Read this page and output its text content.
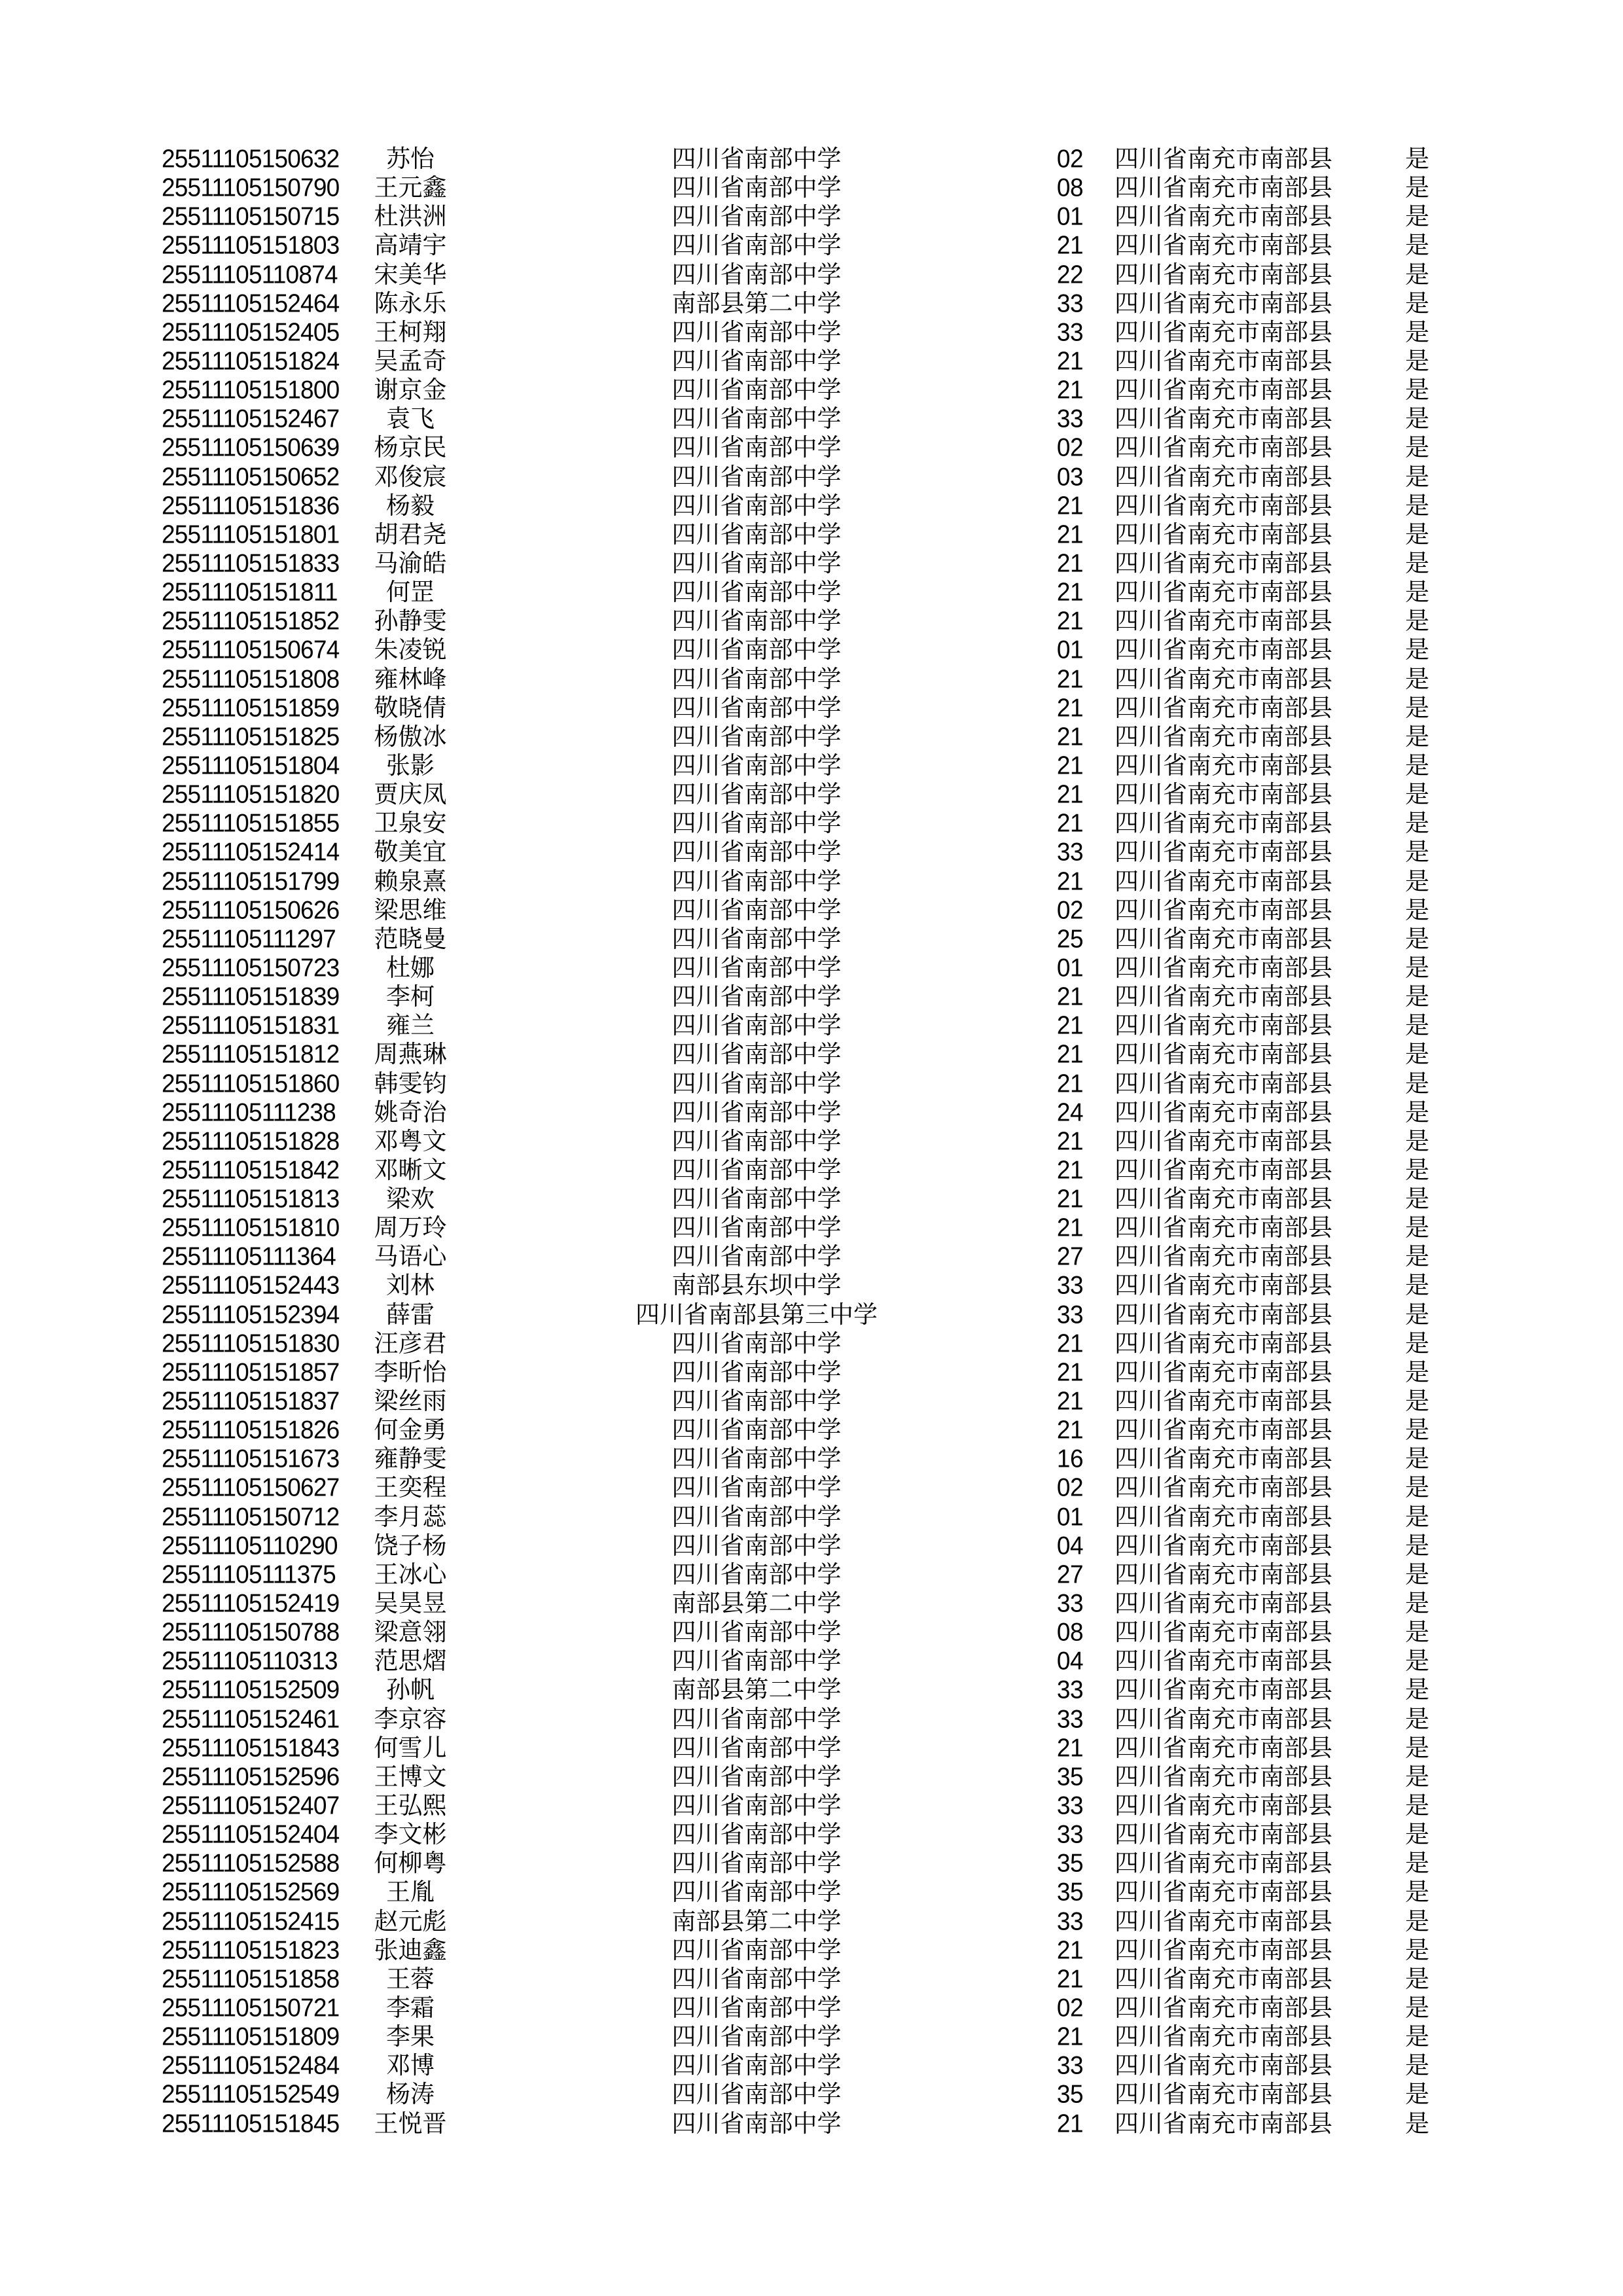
25511105150632	苏怡	四川省南部中学	02	四川省南充市南部县	是
25511105150790	王元鑫	四川省南部中学	08	四川省南充市南部县	是
25511105150715	杜洪洲	四川省南部中学	01	四川省南充市南部县	是
25511105151803	高靖宇	四川省南部中学	21	四川省南充市南部县	是
25511105110874	宋美华	四川省南部中学	22	四川省南充市南部县	是
25511105152464	陈永乐	南部县第二中学	33	四川省南充市南部县	是
25511105152405	王柯翔	四川省南部中学	33	四川省南充市南部县	是
25511105151824	吴孟奇	四川省南部中学	21	四川省南充市南部县	是
25511105151800	谢京金	四川省南部中学	21	四川省南充市南部县	是
25511105152467	袁飞	四川省南部中学	33	四川省南充市南部县	是
25511105150639	杨京民	四川省南部中学	02	四川省南充市南部县	是
25511105150652	邓俊宸	四川省南部中学	03	四川省南充市南部县	是
25511105151836	杨毅	四川省南部中学	21	四川省南充市南部县	是
25511105151801	胡君尧	四川省南部中学	21	四川省南充市南部县	是
25511105151833	马渝皓	四川省南部中学	21	四川省南充市南部县	是
25511105151811	何罡	四川省南部中学	21	四川省南充市南部县	是
25511105151852	孙静雯	四川省南部中学	21	四川省南充市南部县	是
25511105150674	朱凌锐	四川省南部中学	01	四川省南充市南部县	是
25511105151808	雍林峰	四川省南部中学	21	四川省南充市南部县	是
25511105151859	敬晓倩	四川省南部中学	21	四川省南充市南部县	是
25511105151825	杨傲冰	四川省南部中学	21	四川省南充市南部县	是
25511105151804	张影	四川省南部中学	21	四川省南充市南部县	是
25511105151820	贾庆凤	四川省南部中学	21	四川省南充市南部县	是
25511105151855	卫泉安	四川省南部中学	21	四川省南充市南部县	是
25511105152414	敬美宜	四川省南部中学	33	四川省南充市南部县	是
25511105151799	赖泉熹	四川省南部中学	21	四川省南充市南部县	是
25511105150626	梁思维	四川省南部中学	02	四川省南充市南部县	是
25511105111297	范晓曼	四川省南部中学	25	四川省南充市南部县	是
25511105150723	杜娜	四川省南部中学	01	四川省南充市南部县	是
25511105151839	李柯	四川省南部中学	21	四川省南充市南部县	是
25511105151831	雍兰	四川省南部中学	21	四川省南充市南部县	是
25511105151812	周燕琳	四川省南部中学	21	四川省南充市南部县	是
25511105151860	韩雯钧	四川省南部中学	21	四川省南充市南部县	是
25511105111238	姚奇治	四川省南部中学	24	四川省南充市南部县	是
25511105151828	邓粤文	四川省南部中学	21	四川省南充市南部县	是
25511105151842	邓晰文	四川省南部中学	21	四川省南充市南部县	是
25511105151813	梁欢	四川省南部中学	21	四川省南充市南部县	是
25511105151810	周万玲	四川省南部中学	21	四川省南充市南部县	是
25511105111364	马语心	四川省南部中学	27	四川省南充市南部县	是
25511105152443	刘林	南部县东坝中学	33	四川省南充市南部县	是
25511105152394	薛雷	四川省南部县第三中学	33	四川省南充市南部县	是
25511105151830	汪彦君	四川省南部中学	21	四川省南充市南部县	是
25511105151857	李昕怡	四川省南部中学	21	四川省南充市南部县	是
25511105151837	梁丝雨	四川省南部中学	21	四川省南充市南部县	是
25511105151826	何金勇	四川省南部中学	21	四川省南充市南部县	是
25511105151673	雍静雯	四川省南部中学	16	四川省南充市南部县	是
25511105150627	王奕程	四川省南部中学	02	四川省南充市南部县	是
25511105150712	李月蕊	四川省南部中学	01	四川省南充市南部县	是
25511105110290	饶子杨	四川省南部中学	04	四川省南充市南部县	是
25511105111375	王冰心	四川省南部中学	27	四川省南充市南部县	是
25511105152419	吴昊昱	南部县第二中学	33	四川省南充市南部县	是
25511105150788	梁意翎	四川省南部中学	08	四川省南充市南部县	是
25511105110313	范思熠	四川省南部中学	04	四川省南充市南部县	是
25511105152509	孙帆	南部县第二中学	33	四川省南充市南部县	是
25511105152461	李京容	四川省南部中学	33	四川省南充市南部县	是
25511105151843	何雪儿	四川省南部中学	21	四川省南充市南部县	是
25511105152596	王博文	四川省南部中学	35	四川省南充市南部县	是
25511105152407	王弘熙	四川省南部中学	33	四川省南充市南部县	是
25511105152404	李文彬	四川省南部中学	33	四川省南充市南部县	是
25511105152588	何柳粤	四川省南部中学	35	四川省南充市南部县	是
25511105152569	王胤	四川省南部中学	35	四川省南充市南部县	是
25511105152415	赵元彪	南部县第二中学	33	四川省南充市南部县	是
25511105151823	张迪鑫	四川省南部中学	21	四川省南充市南部县	是
25511105151858	王蓉	四川省南部中学	21	四川省南充市南部县	是
25511105150721	李霜	四川省南部中学	02	四川省南充市南部县	是
25511105151809	李果	四川省南部中学	21	四川省南充市南部县	是
25511105152484	邓博	四川省南部中学	33	四川省南充市南部县	是
25511105152549	杨涛	四川省南部中学	35	四川省南充市南部县	是
25511105151845	王悦晋	四川省南部中学	21	四川省南充市南部县	是
